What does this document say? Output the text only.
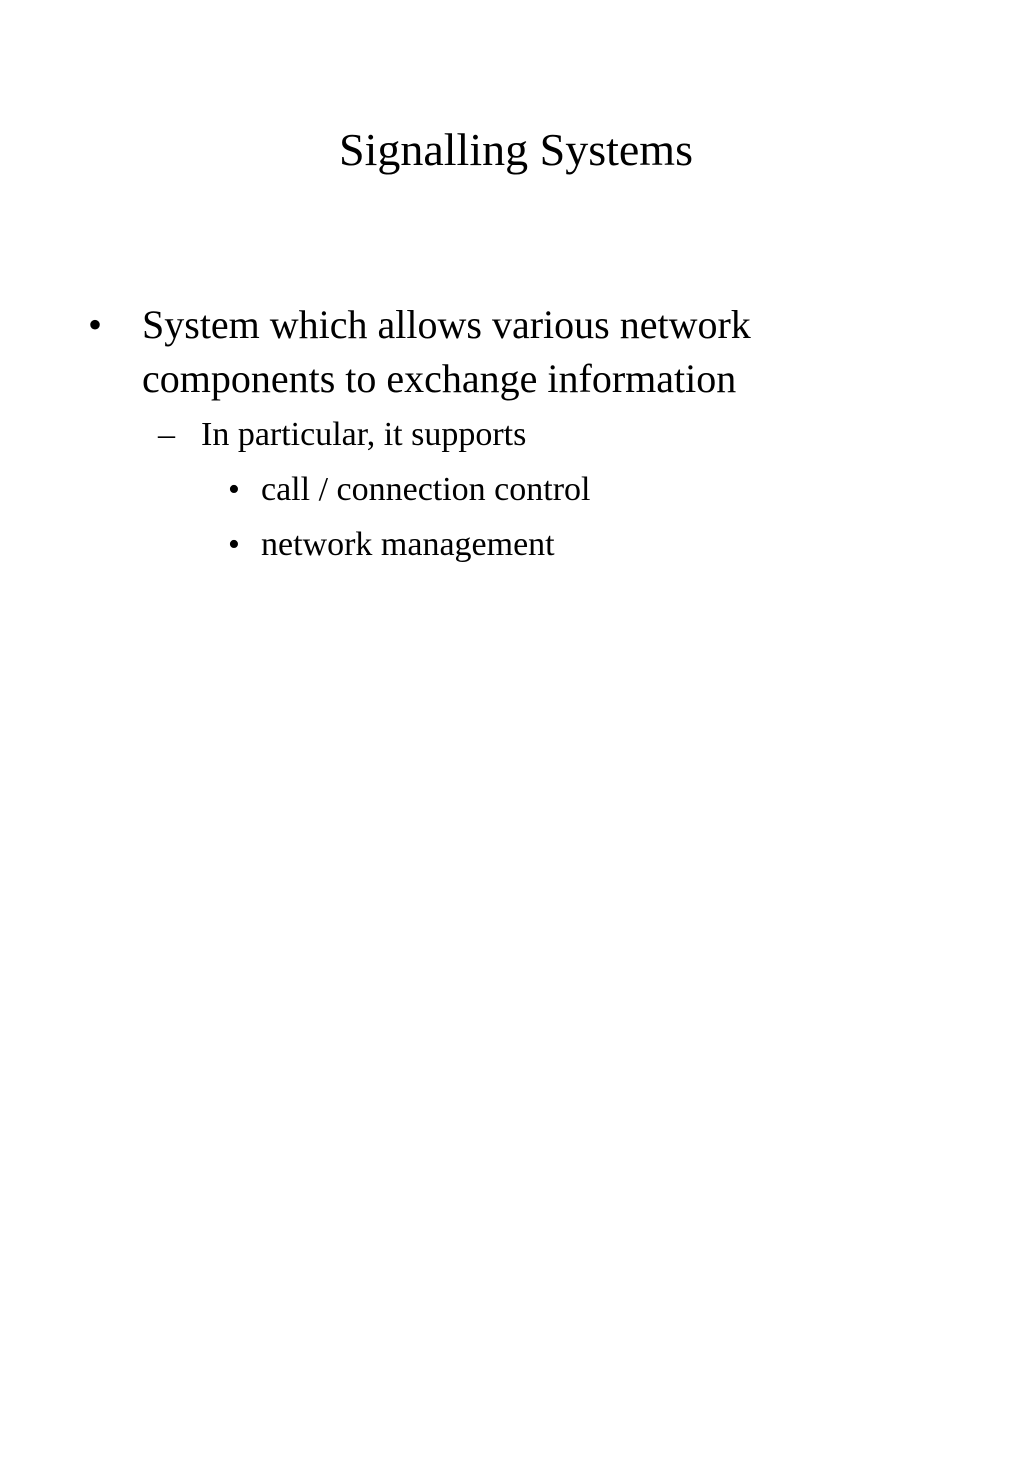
Signalling Systems
• System which allows various network components to exchange information
– In particular, it supports
• call / connection control
• network management
